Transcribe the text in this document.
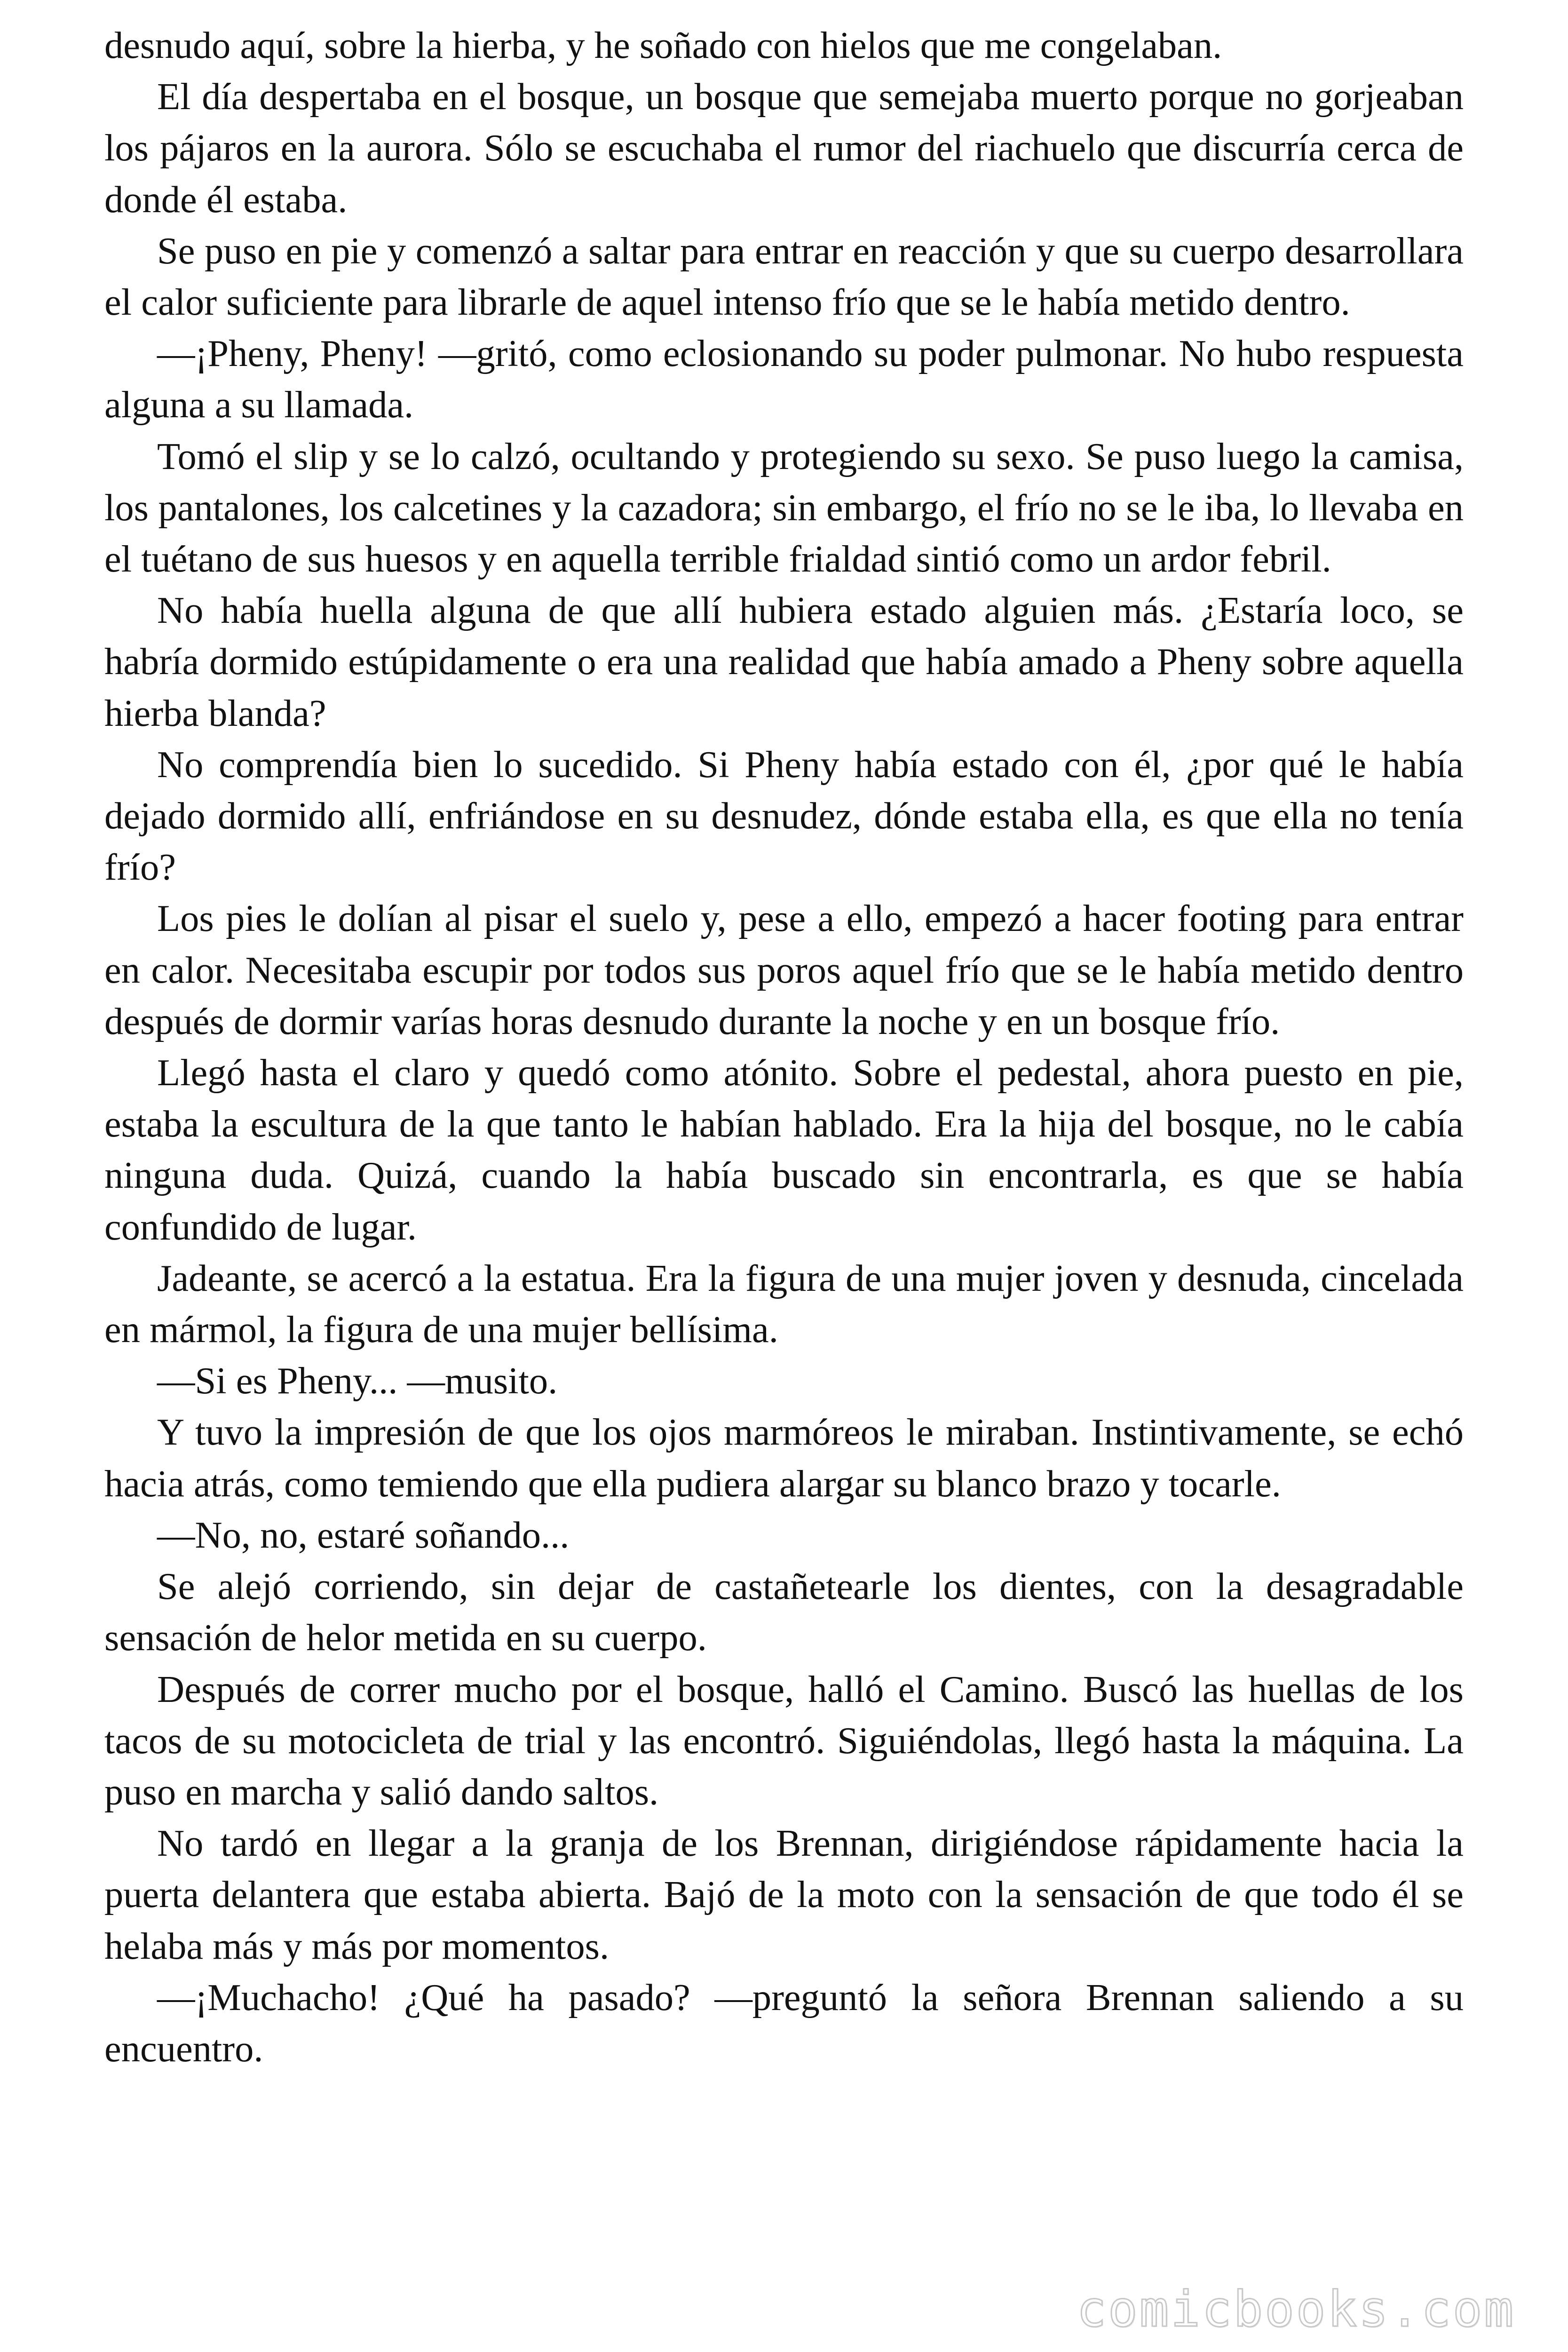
desnudo aquí, sobre la hierba, y he soñado con hielos que me congelaban.

El día despertaba en el bosque, un bosque que semejaba muerto porque no gorjeaban los pájaros en la aurora. Sólo se escuchaba el rumor del riachuelo que discurría cerca de donde él estaba.

Se puso en pie y comenzó a saltar para entrar en reacción y que su cuerpo desarrollara el calor suficiente para librarle de aquel intenso frío que se le había metido dentro.

—¡Pheny, Pheny! —gritó, como eclosionando su poder pulmonar. No hubo respuesta alguna a su llamada.

Tomó el slip y se lo calzó, ocultando y protegiendo su sexo. Se puso luego la camisa, los pantalones, los calcetines y la cazadora; sin embargo, el frío no se le iba, lo llevaba en el tuétano de sus huesos y en aquella terrible frialdad sintió como un ardor febril.

No había huella alguna de que allí hubiera estado alguien más. ¿Estaría loco, se habría dormido estúpidamente o era una realidad que había amado a Pheny sobre aquella hierba blanda?

No comprendía bien lo sucedido. Si Pheny había estado con él, ¿por qué le había dejado dormido allí, enfriándose en su desnudez, dónde estaba ella, es que ella no tenía frío?

Los pies le dolían al pisar el suelo y, pese a ello, empezó a hacer footing para entrar en calor. Necesitaba escupir por todos sus poros aquel frío que se le había metido dentro después de dormir varías horas desnudo durante la noche y en un bosque frío.

Llegó hasta el claro y quedó como atónito. Sobre el pedestal, ahora puesto en pie, estaba la escultura de la que tanto le habían hablado. Era la hija del bosque, no le cabía ninguna duda. Quizá, cuando la había buscado sin encontrarla, es que se había confundido de lugar.

Jadeante, se acercó a la estatua. Era la figura de una mujer joven y desnuda, cincelada en mármol, la figura de una mujer bellísima.

—Si es Pheny... —musito.

Y tuvo la impresión de que los ojos marmóreos le miraban. Instintivamente, se echó hacia atrás, como temiendo que ella pudiera alargar su blanco brazo y tocarle.

—No, no, estaré soñando...

Se alejó corriendo, sin dejar de castañetearle los dientes, con la desagradable sensación de helor metida en su cuerpo.

Después de correr mucho por el bosque, halló el Camino. Buscó las huellas de los tacos de su motocicleta de trial y las encontró. Siguiéndolas, llegó hasta la máquina. La puso en marcha y salió dando saltos.

No tardó en llegar a la granja de los Brennan, dirigiéndose rápidamente hacia la puerta delantera que estaba abierta. Bajó de la moto con la sensación de que todo él se helaba más y más por momentos.

—¡Muchacho! ¿Qué ha pasado? —preguntó la señora Brennan saliendo a su encuentro.

comicbooks.com
